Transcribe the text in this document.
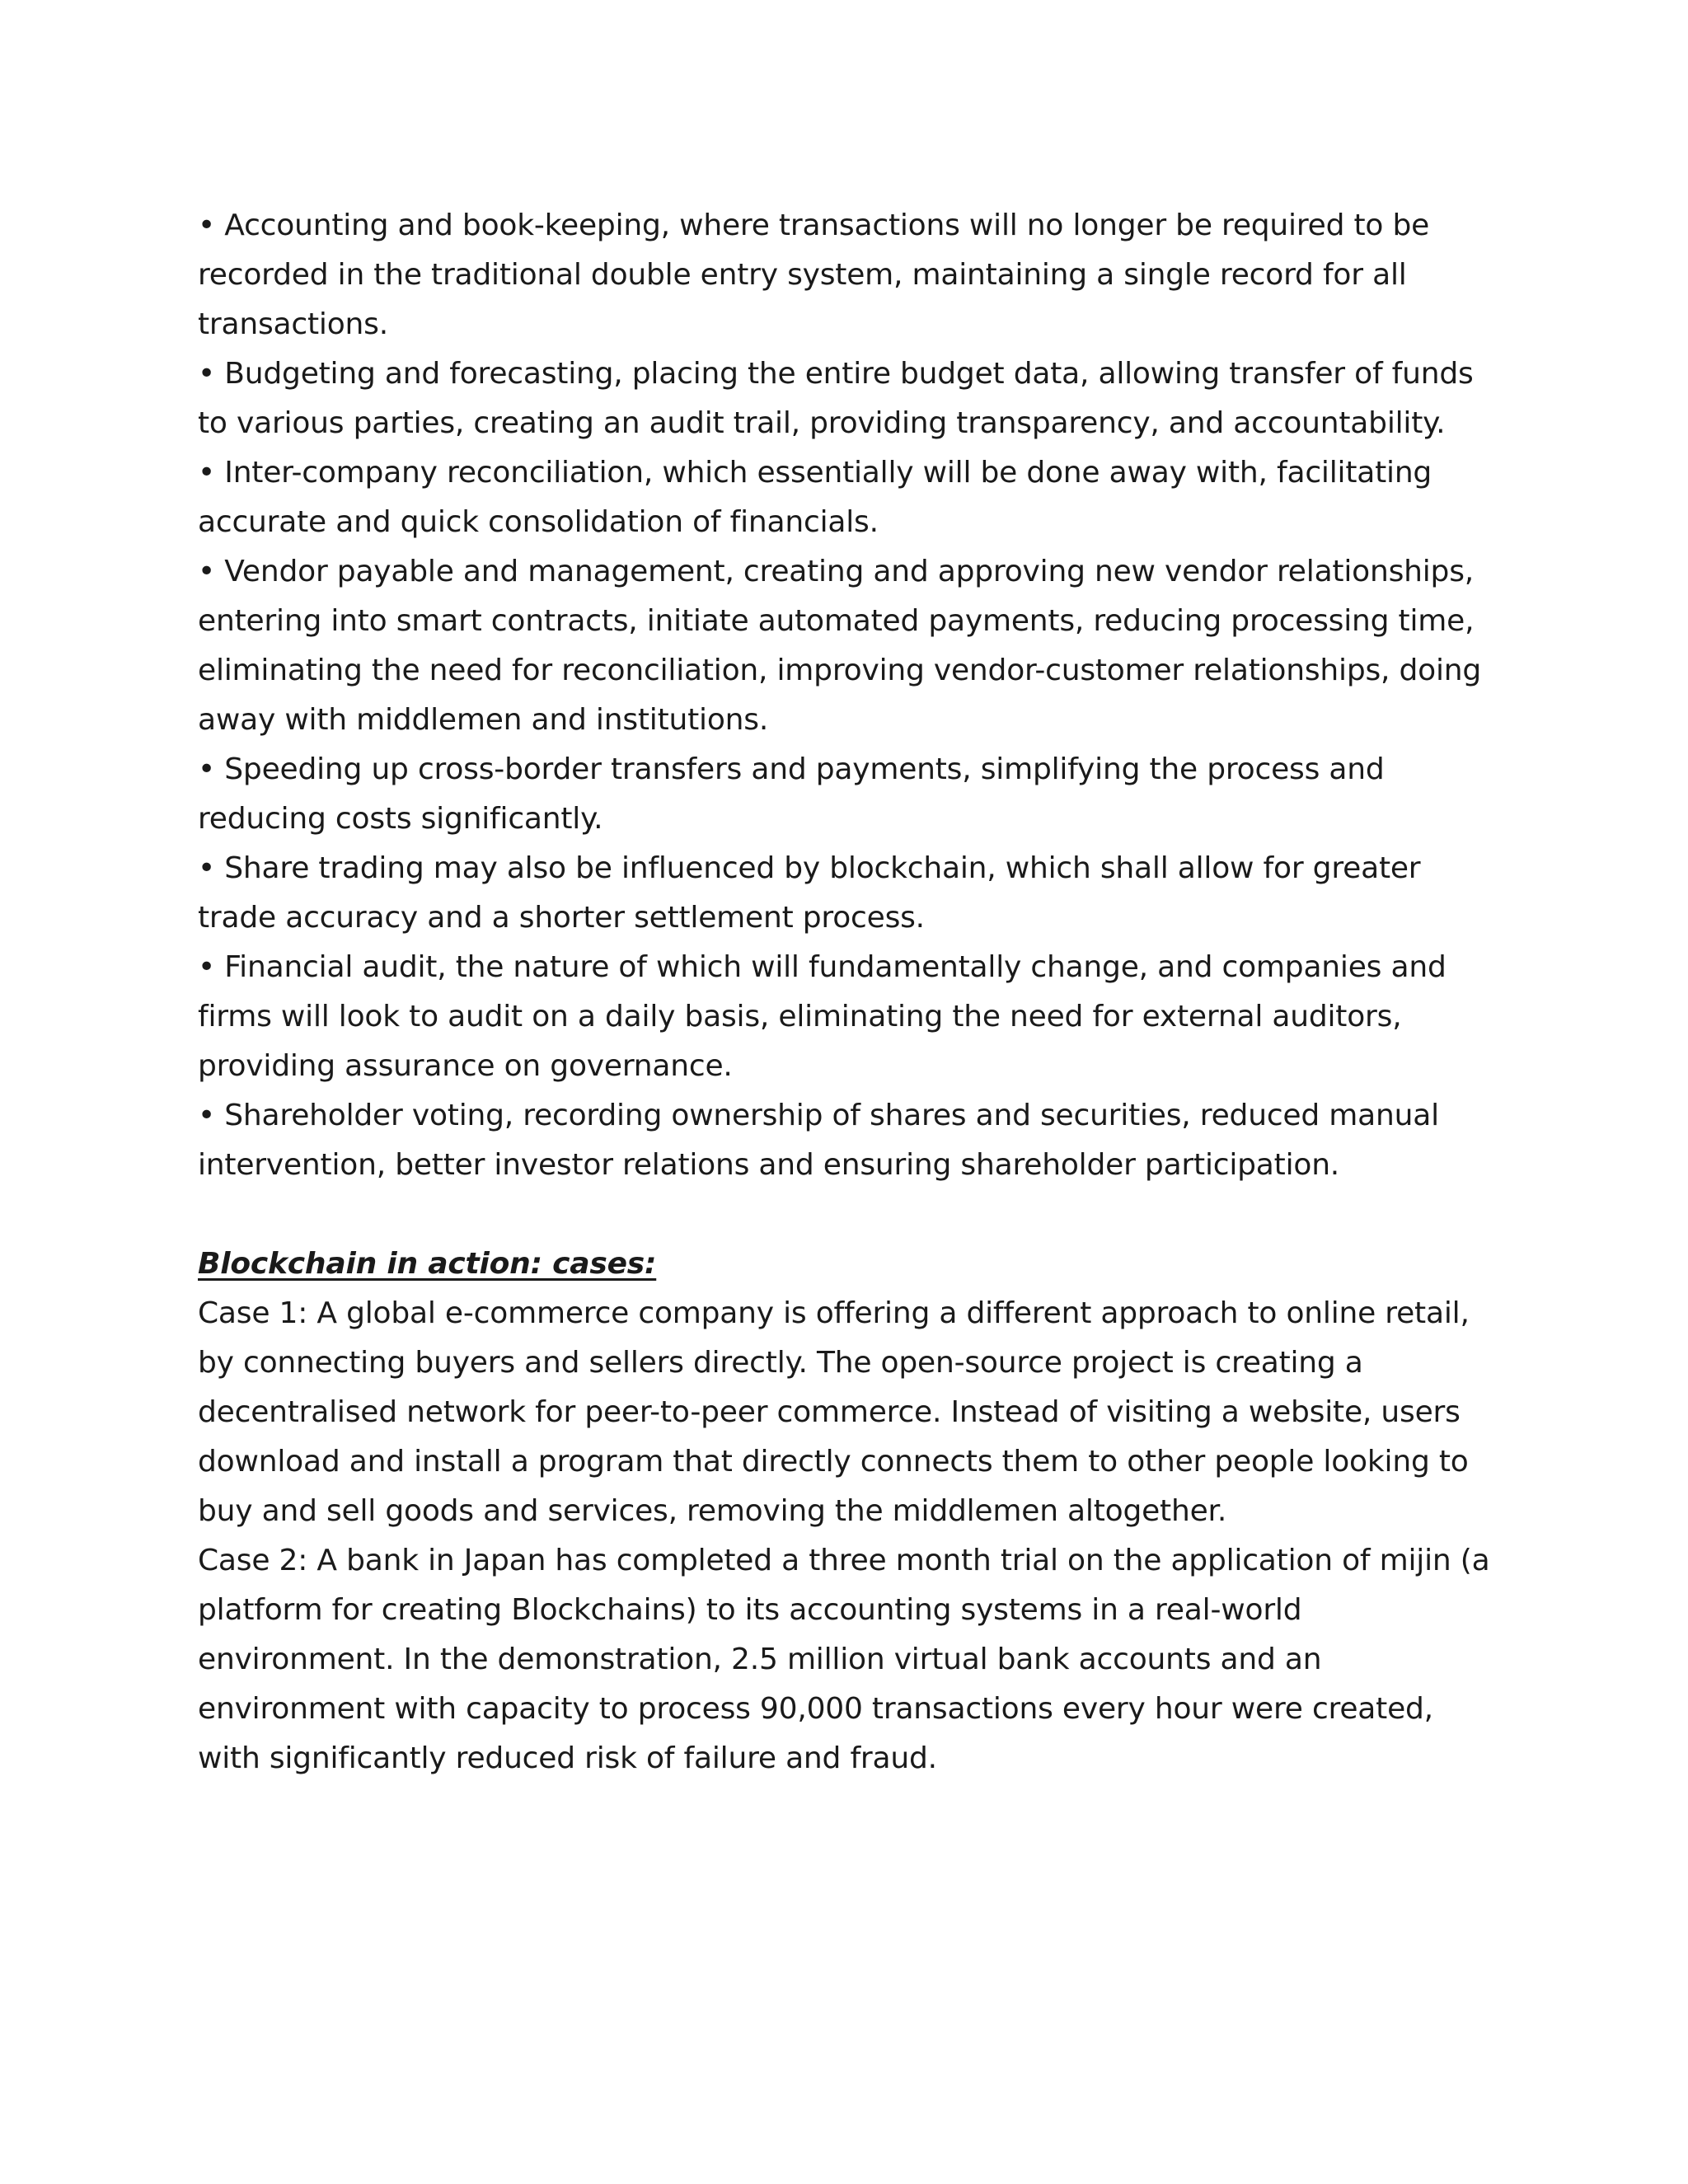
• Accounting and book-keeping, where transactions will no longer be required to be recorded in the traditional double entry system, maintaining a single record for all transactions.

• Budgeting and forecasting, placing the entire budget data, allowing transfer of funds to various parties, creating an audit trail, providing transparency, and accountability.

• Inter-company reconciliation, which essentially will be done away with, facilitating accurate and quick consolidation of financials.

• Vendor payable and management, creating and approving new vendor relationships, entering into smart contracts, initiate automated payments, reducing processing time, eliminating the need for reconciliation, improving vendor-customer relationships, doing away with middlemen and institutions.

• Speeding up cross-border transfers and payments, simplifying the process and reducing costs significantly.

• Share trading may also be influenced by blockchain, which shall allow for greater trade accuracy and a shorter settlement process.

• Financial audit, the nature of which will fundamentally change, and companies and firms will look to audit on a daily basis, eliminating the need for external auditors, providing assurance on governance.

• Shareholder voting, recording ownership of shares and securities, reduced manual intervention, better investor relations and ensuring shareholder participation.

Blockchain in action: cases:

Case 1: A global e-commerce company is offering a different approach to online retail, by connecting buyers and sellers directly. The open-source project is creating a decentralised network for peer-to-peer commerce. Instead of visiting a website, users download and install a program that directly connects them to other people looking to buy and sell goods and services, removing the middlemen altogether.

Case 2: A bank in Japan has completed a three month trial on the application of mijin (a platform for creating Blockchains) to its accounting systems in a real-world environment. In the demonstration, 2.5 million virtual bank accounts and an environment with capacity to process 90,000 transactions every hour were created, with significantly reduced risk of failure and fraud.
